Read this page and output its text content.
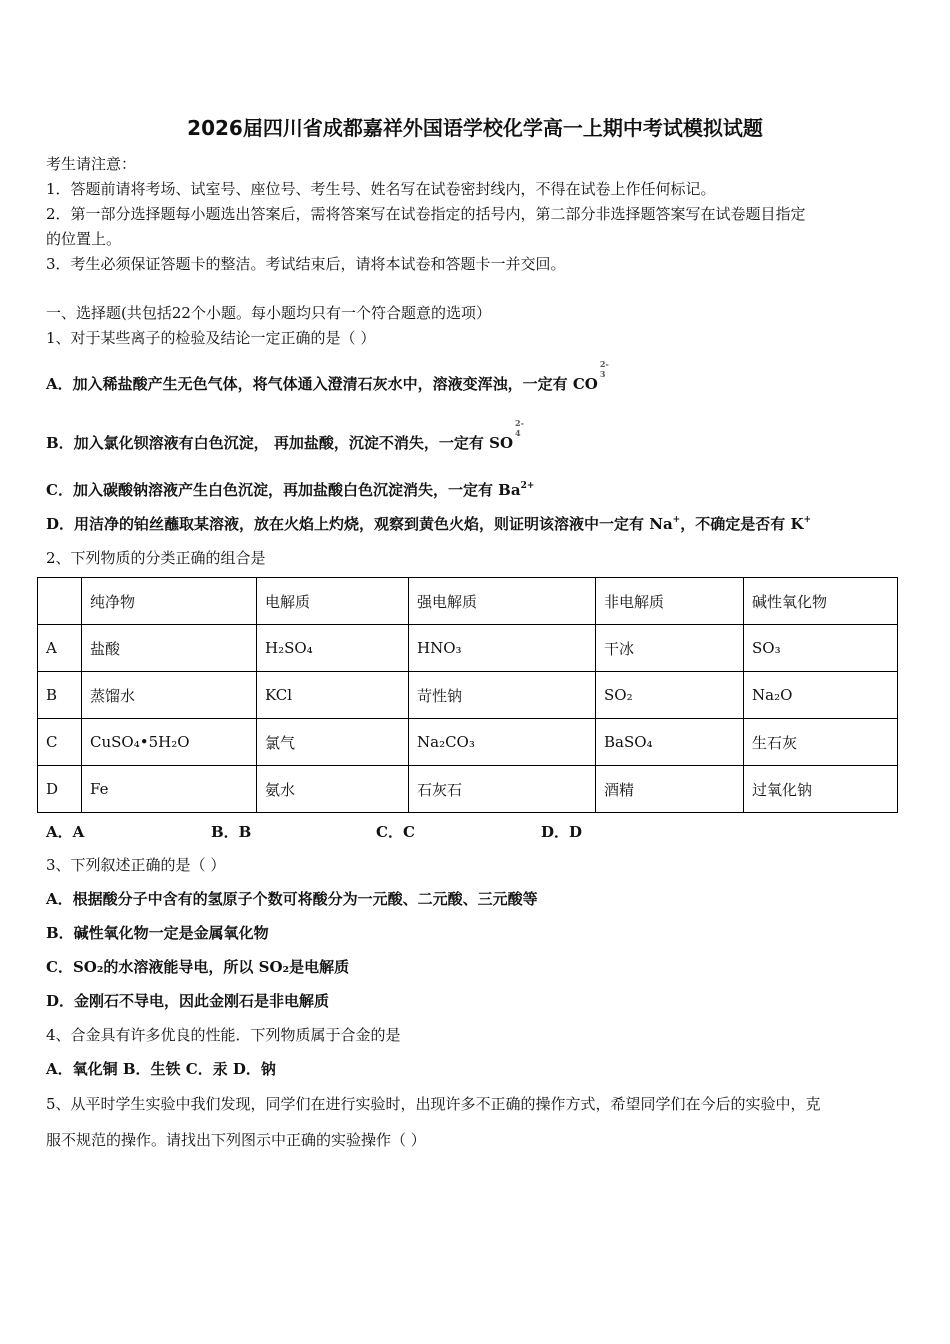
2026届四川省成都嘉祥外国语学校化学高一上期中考试模拟试题
考生请注意：
1．答题前请将考场、试室号、座位号、考生号、姓名写在试卷密封线内，不得在试卷上作任何标记。
2．第一部分选择题每小题选出答案后，需将答案写在试卷指定的括号内，第二部分非选择题答案写在试卷题目指定
的位置上。
3．考生必须保证答题卡的整洁。考试结束后，请将本试卷和答题卡一并交回。
一、选择题(共包括22个小题。每小题均只有一个符合题意的选项）
1、对于某些离子的检验及结论一定正确的是（ ）
A．加入稀盐酸产生无色气体，将气体通入澄清石灰水中，溶液变浑浊，一定有 CO2-
3
B．加入氯化钡溶液有白色沉淀， 再加盐酸，沉淀不消失，一定有 SO2-
4
C．加入碳酸钠溶液产生白色沉淀，再加盐酸白色沉淀消失，一定有 $Ba^{2+}$
D．用洁净的铂丝蘸取某溶液，放在火焰上灼烧，观察到黄色火焰，则证明该溶液中一定有 Na+，不确定是否有 K+
2、下列物质的分类正确的组合是
	纯净物	电解质	强电解质	非电解质	碱性氧化物
A	盐酸	H₂SO₄	HNO₃	干冰	SO₃
B	蒸馏水	KCl	苛性钠	SO₂	Na₂O
C	CuSO₄•5H₂O	氯气	Na₂CO₃	BaSO₄	生石灰
D	Fe	氨水	石灰石	酒精	过氧化钠
A．A	B．B	C．C	D．D
3、下列叙述正确的是（ ）
A．根据酸分子中含有的氢原子个数可将酸分为一元酸、二元酸、三元酸等
B．碱性氧化物一定是金属氧化物
C．SO₂的水溶液能导电，所以 SO₂是电解质
D．金刚石不导电，因此金刚石是非电解质
4、合金具有许多优良的性能．下列物质属于合金的是
A．氧化铜 B．生铁 C．汞 D．钠
5、从平时学生实验中我们发现，同学们在进行实验时，出现许多不正确的操作方式，希望同学们在今后的实验中，克
服不规范的操作。请找出下列图示中正确的实验操作（ ）
